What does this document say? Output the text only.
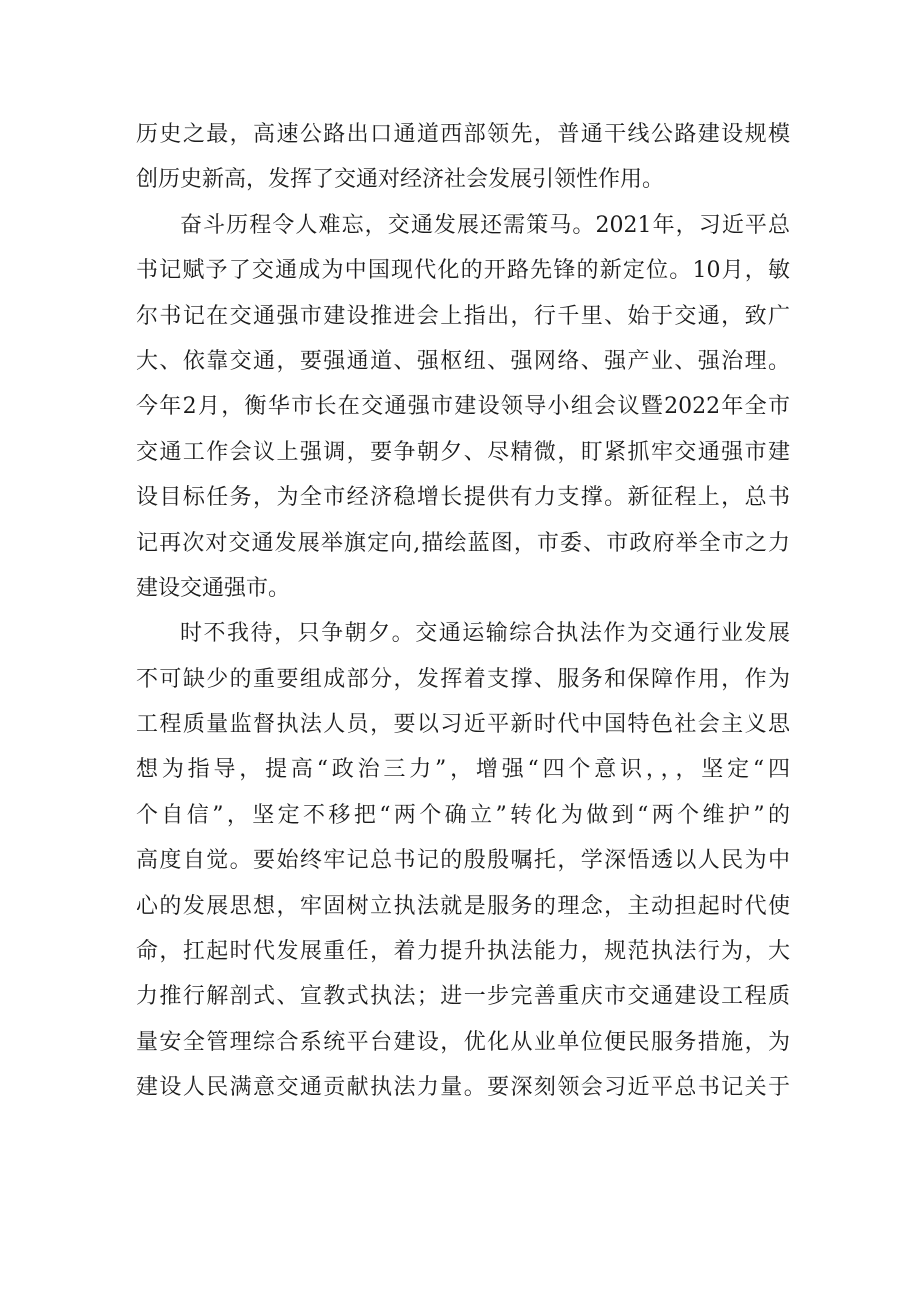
历史之最，高速公路出口通道西部领先，普通干线公路建设规模
创历史新高，发挥了交通对经济社会发展引领性作用。
奋斗历程令人难忘，交通发展还需策马。2021年，习近平总
书记赋予了交通成为中国现代化的开路先锋的新定位。10月，敏
尔书记在交通强市建设推进会上指出，行千里、始于交通，致广
大、依靠交通，要强通道、强枢纽、强网络、强产业、强治理。
今年2月，衡华市长在交通强市建设领导小组会议暨2022年全市
交通工作会议上强调，要争朝夕、尽精微，盯紧抓牢交通强市建
设目标任务，为全市经济稳增长提供有力支撑。新征程上，总书
记再次对交通发展举旗定向,描绘蓝图，市委、市政府举全市之力
建设交通强市。
时不我待，只争朝夕。交通运输综合执法作为交通行业发展
不可缺少的重要组成部分，发挥着支撑、服务和保障作用，作为
工程质量监督执法人员，要以习近平新时代中国特色社会主义思
想为指导，提高“政治三力”，增强“四个意识，，，坚定“四
个自信”，坚定不移把“两个确立”转化为做到“两个维护”的
高度自觉。要始终牢记总书记的殷殷嘱托，学深悟透以人民为中
心的发展思想，牢固树立执法就是服务的理念，主动担起时代使
命，扛起时代发展重任，着力提升执法能力，规范执法行为，大
力推行解剖式、宣教式执法；进一步完善重庆市交通建设工程质
量安全管理综合系统平台建设，优化从业单位便民服务措施，为
建设人民满意交通贡献执法力量。要深刻领会习近平总书记关于
